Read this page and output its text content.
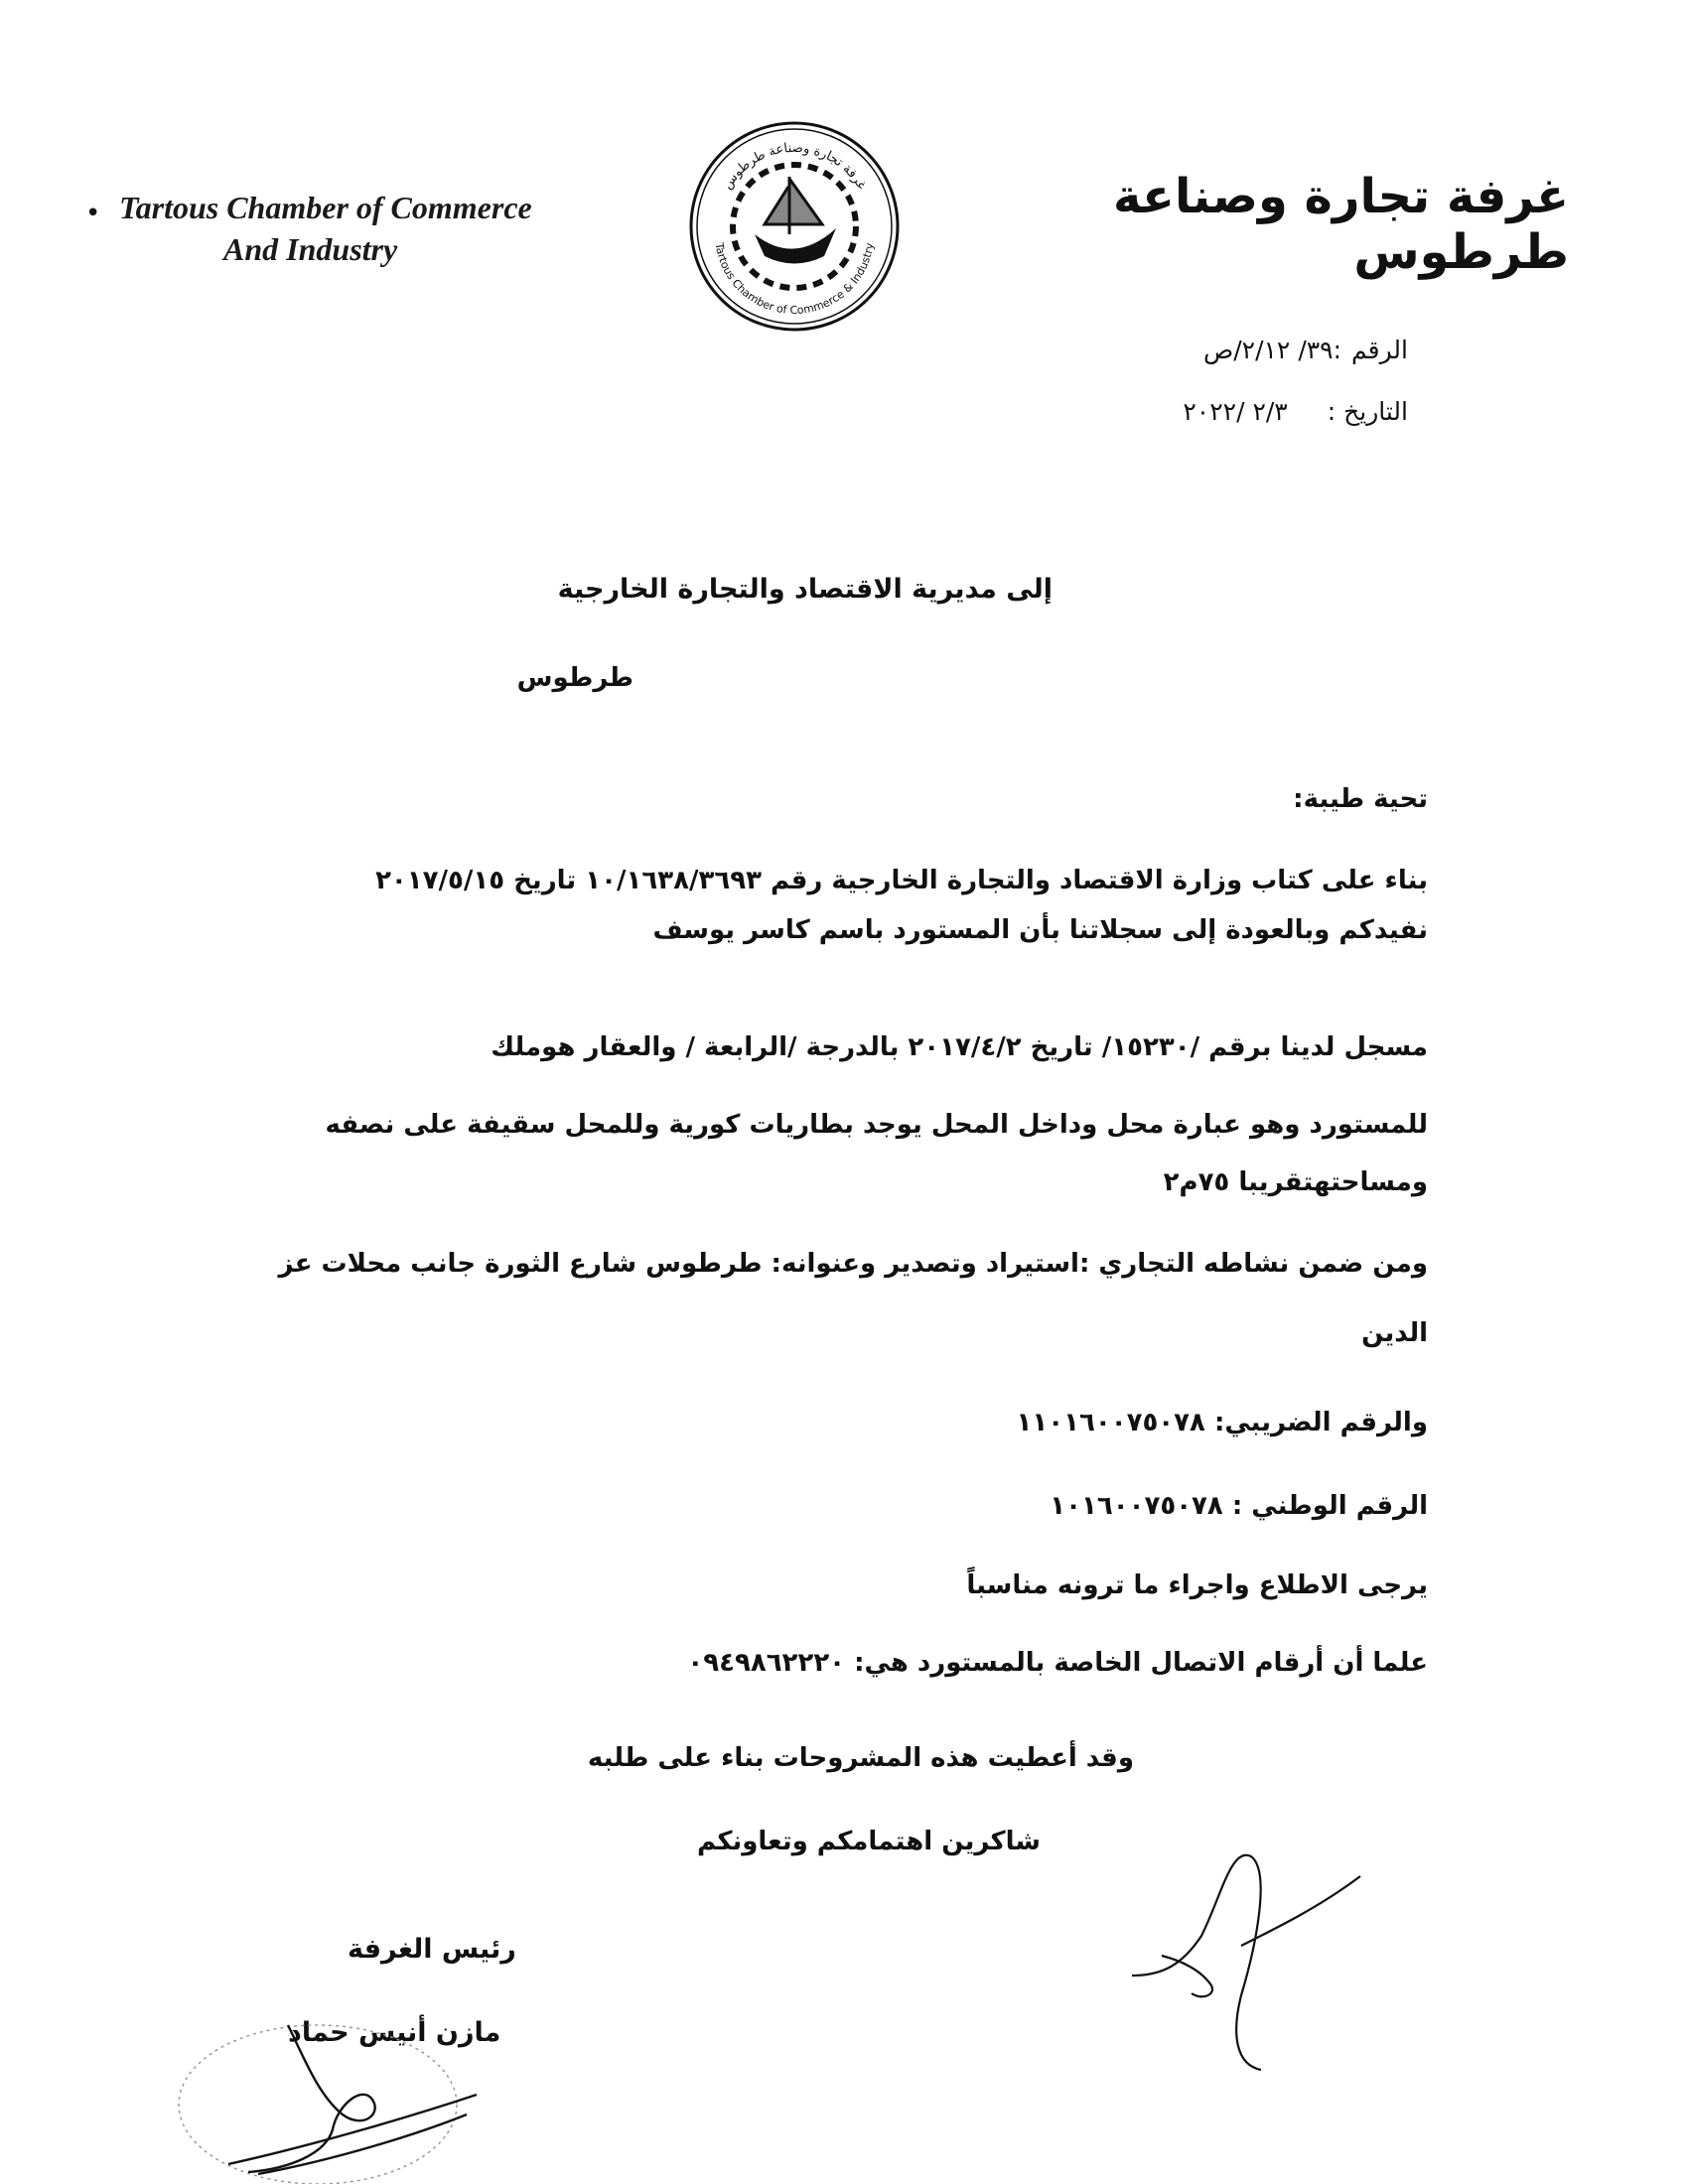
• Tartous Chamber of Commerce
And Industry
غرفة تجارة وصناعة طرطوس
Tartous Chamber of Commerce & Industry
غرفة تجارة وصناعة طرطوس
الرقم:٣٩/ ٢/١٢/ص
التاريخ :٢/٣ /٢٠٢٢
إلى مديرية الاقتصاد والتجارة الخارجية
طرطوس
تحية طيبة:
بناء على كتاب وزارة الاقتصاد والتجارة الخارجية رقم ١٠/١٦٣٨/٣٦٩٣ تاريخ ٢٠١٧/٥/١٥
نفيدكم وبالعودة إلى سجلاتنا بأن المستورد باسم كاسر يوسف
مسجل لدينا برقم /١٥٢٣٠/ تاريخ ٢٠١٧/٤/٢ بالدرجة /الرابعة / والعقار هوملك
للمستورد وهو عبارة محل وداخل المحل يوجد بطاريات كورية وللمحل سقيفة على نصفه
ومساحتهتقريبا ٧٥م٢
ومن ضمن نشاطه التجاري :استيراد وتصدير وعنوانه: طرطوس شارع الثورة جانب محلات عز
الدين
والرقم الضريبي: ١١٠١٦٠٠٧٥٠٧٨
الرقم الوطني : ١٠١٦٠٠٧٥٠٧٨
يرجى الاطلاع واجراء ما ترونه مناسباً
علما أن أرقام الاتصال الخاصة بالمستورد هي: ٠٩٤٩٨٦٢٢٢٠
وقد أعطيت هذه المشروحات بناء على طلبه
شاكرين اهتمامكم وتعاونكم
رئيس الغرفة
مازن أنيس حماد
